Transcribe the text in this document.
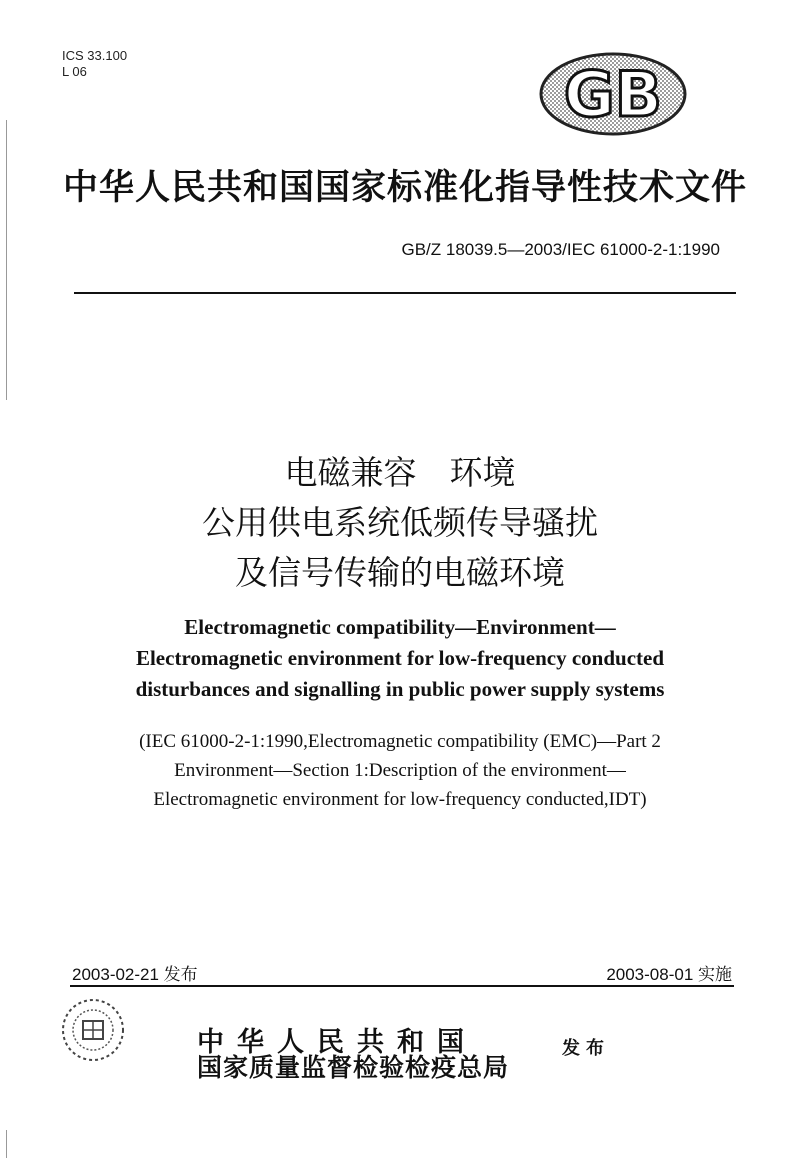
ICS 33.100
L 06	GB
中华人民共和国国家标准化指导性技术文件
GB/Z 18039.5—2003/IEC 61000-2-1:1990
电磁兼容　环境
公用供电系统低频传导骚扰
及信号传输的电磁环境
Electromagnetic compatibility—Environment—
Electromagnetic environment for low-frequency conducted
disturbances and signalling in public power supply systems
(IEC 61000-2-1:1990,Electromagnetic compatibility (EMC)—Part 2
Environment—Section 1:Description of the environment—
Electromagnetic environment for low-frequency conducted,IDT)
2003-02-21 发布	2003-08-01 实施
中华人民共和国
国家质量监督检验检疫总局
发布
